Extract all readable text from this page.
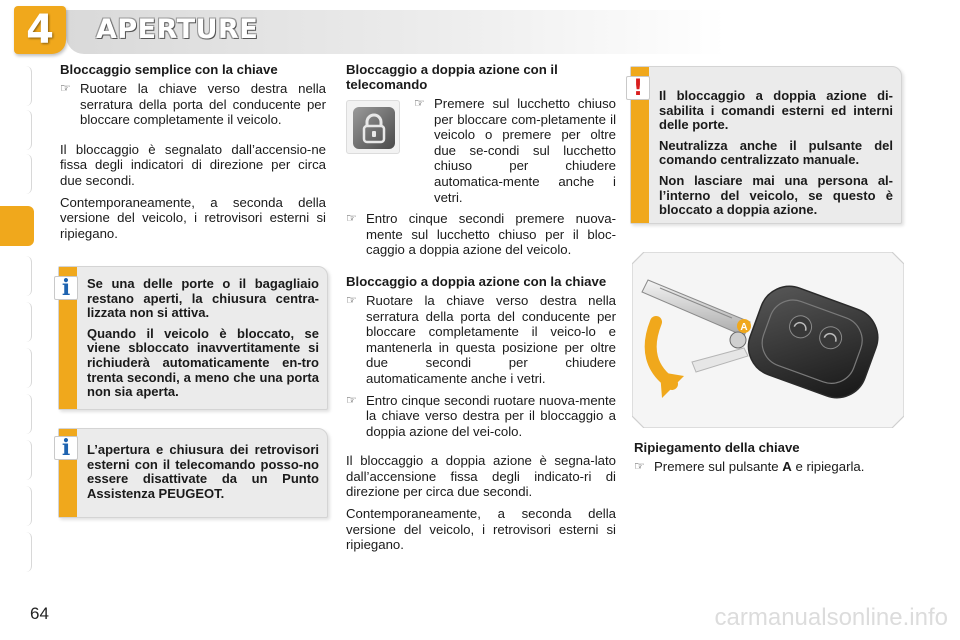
4	APERTURE
Bloccaggio semplice con la chiave
☞ Ruotare la chiave verso destra nella serratura della porta del conducente per bloccare completamente il veicolo.

Il bloccaggio è segnalato dall’accensio-ne fissa degli indicatori di direzione per circa due secondi.

Contemporaneamente, a seconda della versione del veicolo, i retrovisori esterni si ripiegano.

Se una delle porte o il bagagliaio restano aperti, la chiusura centra-lizzata non si attiva.

Quando il veicolo è bloccato, se viene sbloccato inavvertitamente si richiuderà automaticamente en-tro trenta secondi, a meno che una porta non sia aperta.

i

L’apertura e chiusura dei retrovisori esterni con il telecomando posso-no essere disattivate da un Punto Assistenza PEUGEOT.

i
Bloccaggio a doppia azione con il telecomando
☞ Premere sul lucchetto chiuso per bloccare com-pletamente il veicolo o premere per oltre due se-condi sul lucchetto chiuso per chiudere automatica-mente anche i vetri.
☞ Entro cinque secondi premere nuova-mente sul lucchetto chiuso per il bloc-caggio a doppia azione del veicolo.
Bloccaggio a doppia azione con la chiave
☞ Ruotare la chiave verso destra nella serratura della porta del conducente per bloccare completamente il veico-lo e mantenerla in questa posizione per oltre due secondi per chiudere automaticamente anche i vetri.
☞ Entro cinque secondi ruotare nuova-mente la chiave verso destra per il bloccaggio a doppia azione del vei-colo.

Il bloccaggio a doppia azione è segna-lato dall’accensione fissa degli indicato-ri di direzione per circa due secondi.

Contemporaneamente, a seconda della versione del veicolo, i retrovisori esterni si ripiegano.

Il bloccaggio a doppia azione di-sabilita i comandi esterni ed interni delle porte.

Neutralizza anche il pulsante del comando centralizzato manuale.

Non lasciare mai una persona al-l’interno del veicolo, se questo è bloccato a doppia azione.

!
A
Ripiegamento della chiave
☞ Premere sul pulsante A e ripiegarla.
64	carmanualsonline.info
